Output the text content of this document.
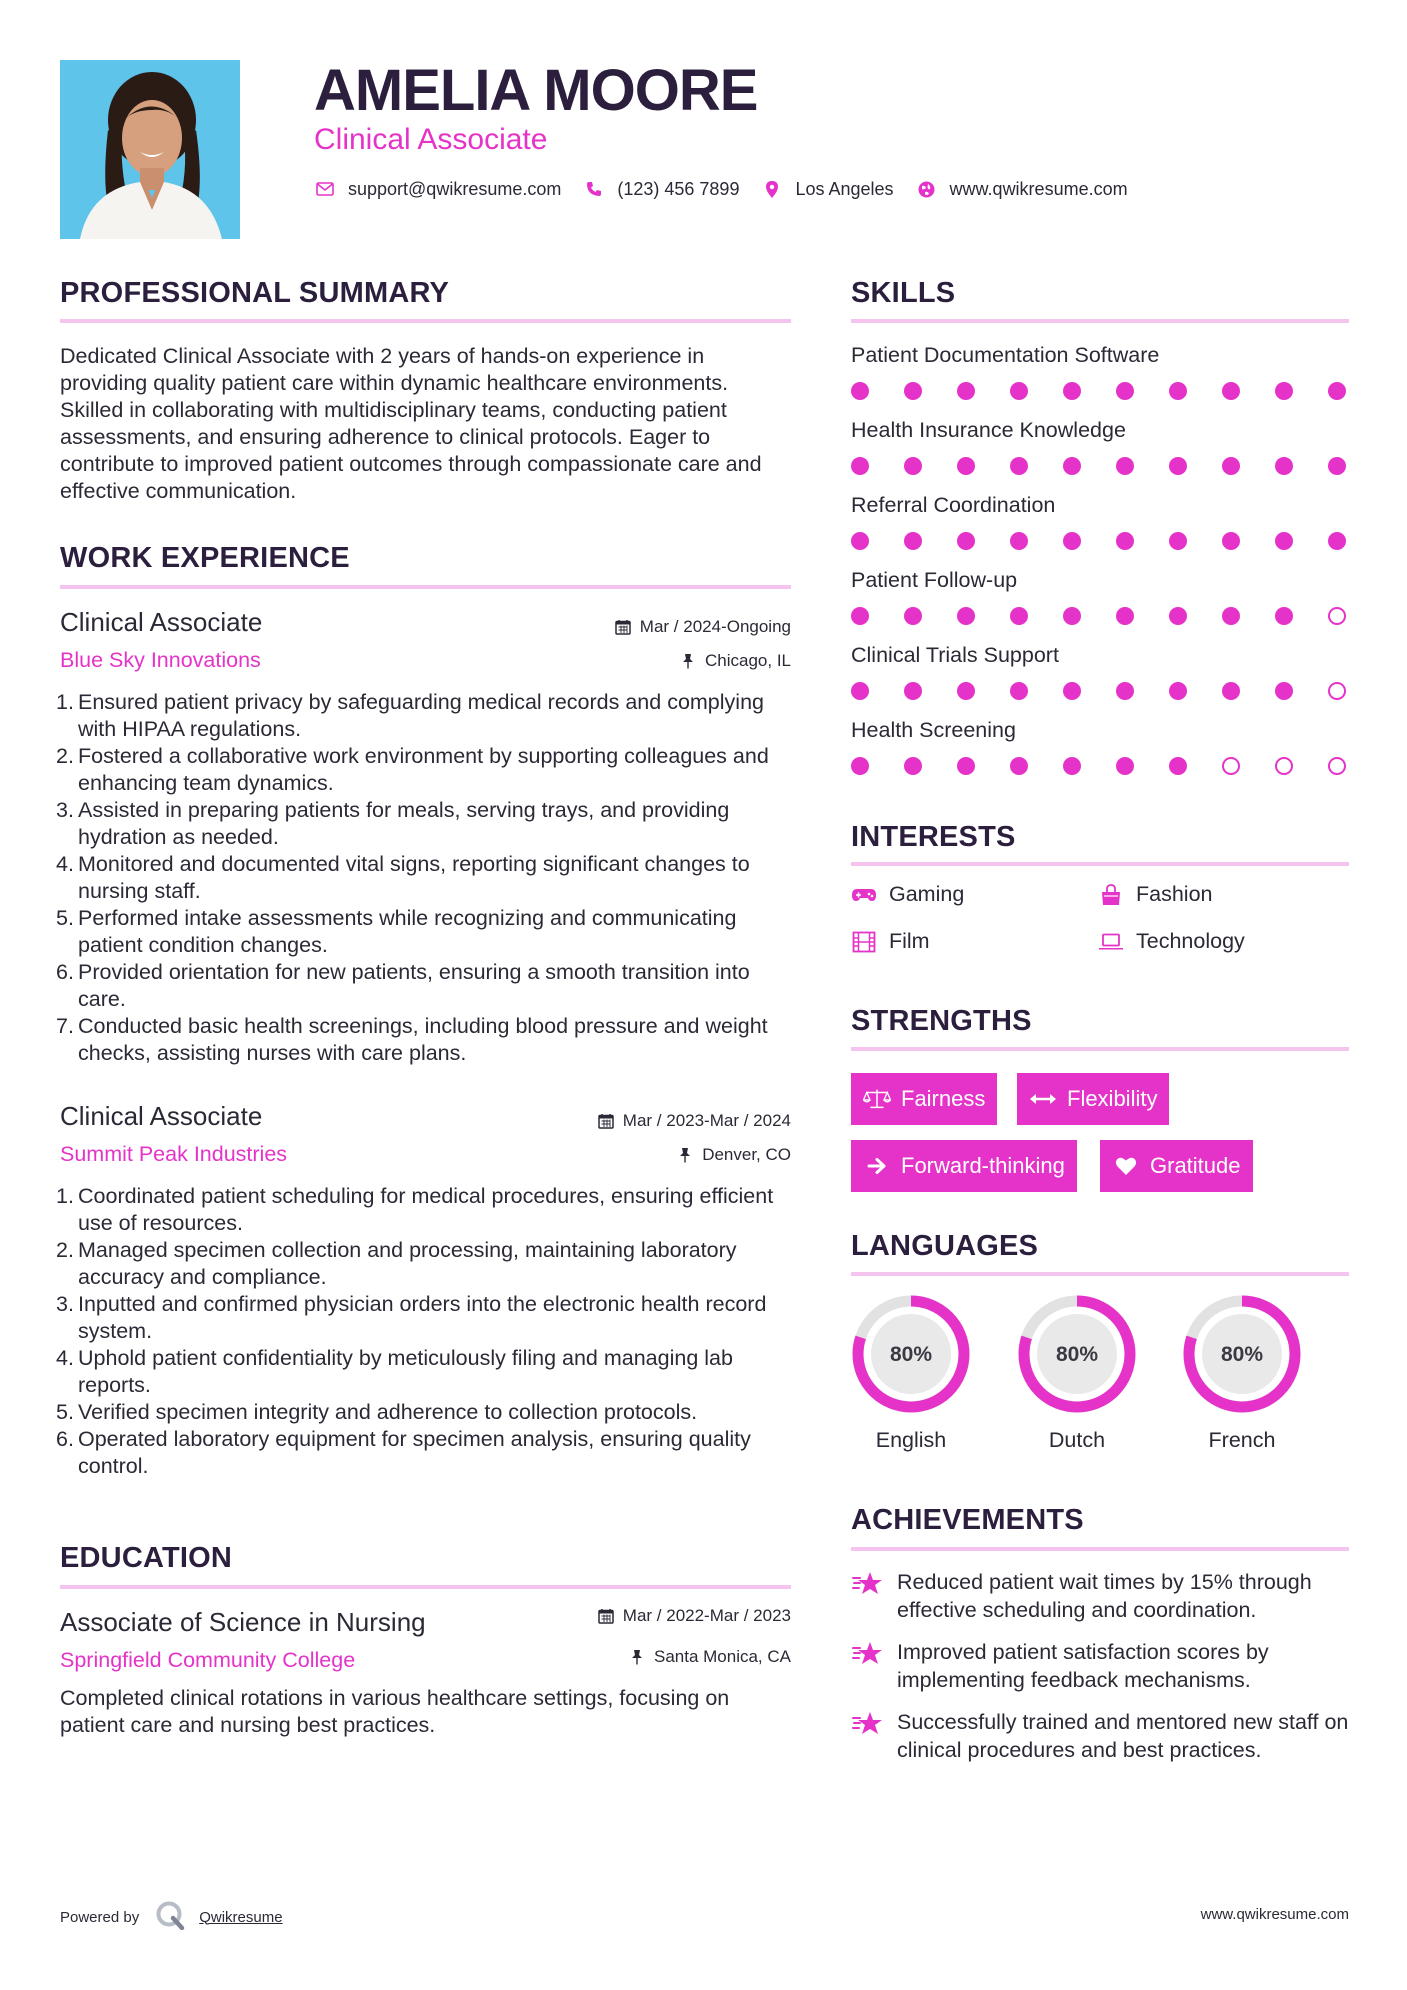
AMELIA MOORE
Clinical Associate
support@qwikresume.com	(123) 456 7899	Los Angeles	www.qwikresume.com
PROFESSIONAL SUMMARY
Dedicated Clinical Associate with 2 years of hands-on experience in providing quality patient care within dynamic healthcare environments. Skilled in collaborating with multidisciplinary teams, conducting patient assessments, and ensuring adherence to clinical protocols. Eager to contribute to improved patient outcomes through compassionate care and effective communication.
WORK EXPERIENCE
Clinical Associate
Blue Sky Innovations
Mar / 2024-Ongoing
Chicago, IL
1. Ensured patient privacy by safeguarding medical records and complying with HIPAA regulations.
2. Fostered a collaborative work environment by supporting colleagues and enhancing team dynamics.
3. Assisted in preparing patients for meals, serving trays, and providing hydration as needed.
4. Monitored and documented vital signs, reporting significant changes to nursing staff.
5. Performed intake assessments while recognizing and communicating patient condition changes.
6. Provided orientation for new patients, ensuring a smooth transition into care.
7. Conducted basic health screenings, including blood pressure and weight checks, assisting nurses with care plans.
Clinical Associate
Summit Peak Industries
Mar / 2023-Mar / 2024
Denver, CO
1. Coordinated patient scheduling for medical procedures, ensuring efficient use of resources.
2. Managed specimen collection and processing, maintaining laboratory accuracy and compliance.
3. Inputted and confirmed physician orders into the electronic health record system.
4. Uphold patient confidentiality by meticulously filing and managing lab reports.
5. Verified specimen integrity and adherence to collection protocols.
6. Operated laboratory equipment for specimen analysis, ensuring quality control.
EDUCATION
Associate of Science in Nursing
Springfield Community College
Mar / 2022-Mar / 2023
Santa Monica, CA
Completed clinical rotations in various healthcare settings, focusing on patient care and nursing best practices.
SKILLS
Patient Documentation Software
Health Insurance Knowledge
Referral Coordination
Patient Follow-up
Clinical Trials Support
Health Screening
INTERESTS
Gaming	Fashion
Film	Technology
STRENGTHS
Fairness	Flexibility
Forward-thinking	Gratitude
LANGUAGES
80%
English
80%
Dutch
80%
French
ACHIEVEMENTS
Reduced patient wait times by 15% through effective scheduling and coordination.
Improved patient satisfaction scores by implementing feedback mechanisms.
Successfully trained and mentored new staff on clinical procedures and best practices.
Powered by	Qwikresume	www.qwikresume.com
